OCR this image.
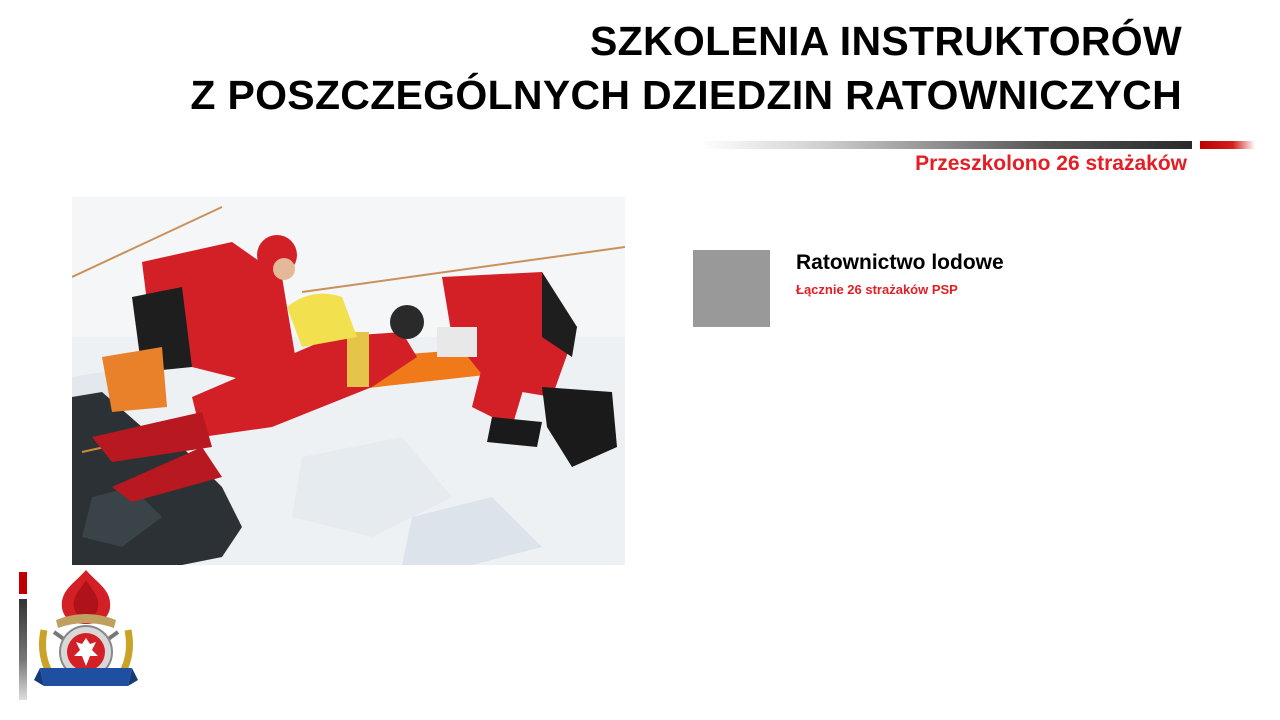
SZKOLENIA INSTRUKTORÓW
Z POSZCZEGÓLNYCH DZIEDZIN RATOWNICZYCH
Przeszkolono 26 strażaków
Ratownictwo lodowe
Łącznie 26 strażaków PSP
